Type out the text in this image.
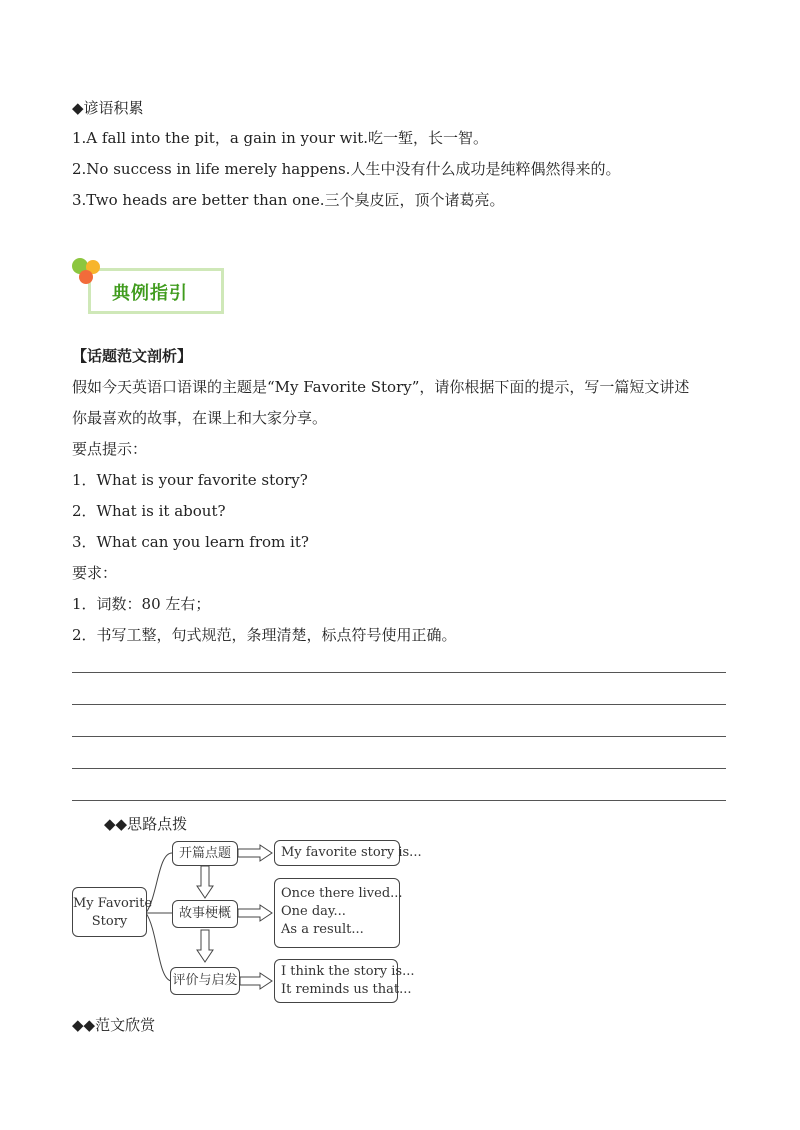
◆谚语积累
1.A fall into the pit，a gain in your wit.吃一堑，长一智。
2.No success in life merely happens.人生中没有什么成功是纯粹偶然得来的。
3.Two heads are better than one.三个臭皮匠，顶个诸葛亮。
典例指引
【话题范文剖析】
假如今天英语口语课的主题是“My Favorite Story”，请你根据下面的提示，写一篇短文讲述
你最喜欢的故事，在课上和大家分享。
要点提示：
1．What is your favorite story?
2．What is it about?
3．What can you learn from it?
要求：
1．词数：80 左右；
2．书写工整，句式规范，条理清楚，标点符号使用正确。
◆◆思路点拨
My Favorite
Story
开篇点题
故事梗概
评价与启发
My favorite story is...
Once there lived...
One day...
As a result...
I think the story is...
It reminds us that...
◆◆范文欣赏
